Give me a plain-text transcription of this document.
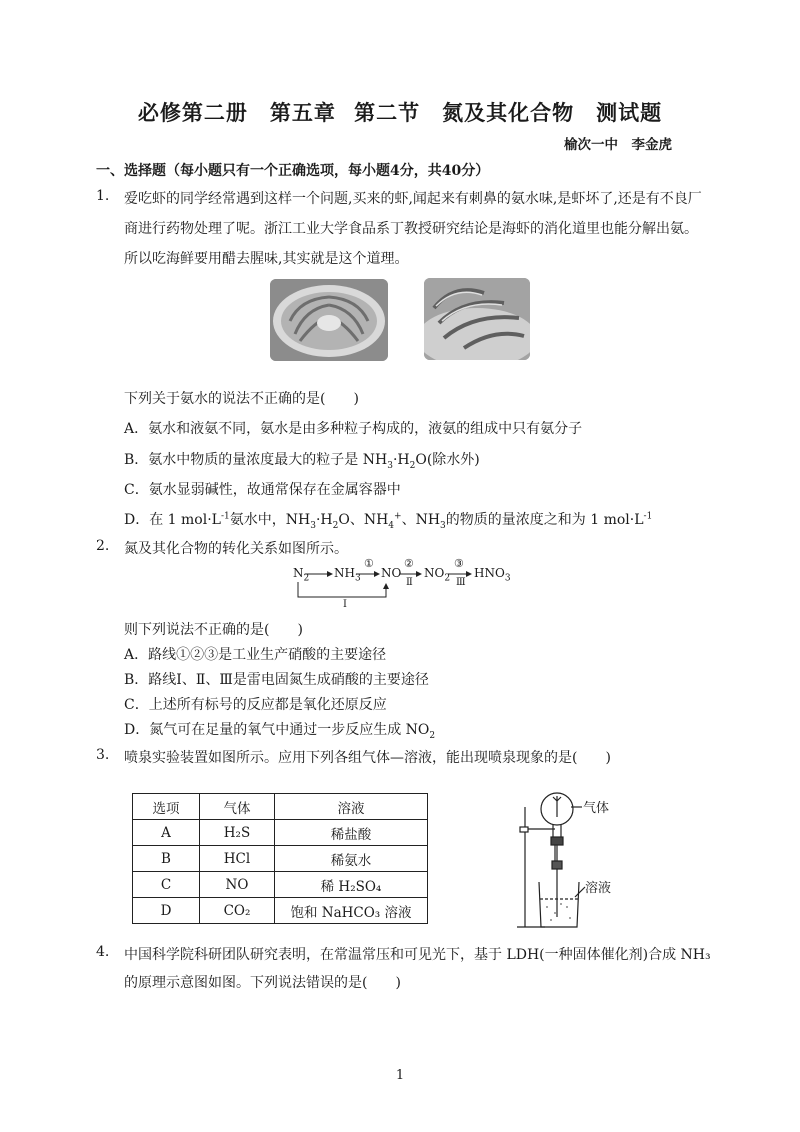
必修第二册　第五章 第二节　氮及其化合物　测试题
榆次一中　李金虎
一、选择题（每小题只有一个正确选项，每小题4分，共40分）
1. 爱吃虾的同学经常遇到这样一个问题,买来的虾,闻起来有刺鼻的氨水味,是虾坏了,还是有不良厂
商进行药物处理了呢。浙江工业大学食品系丁教授研究结论是海虾的消化道里也能分解出氨。
所以吃海鲜要用醋去腥味,其实就是这个道理。
下列关于氨水的说法不正确的是(　　)
A．氨水和液氨不同，氨水是由多种粒子构成的，液氨的组成中只有氨分子
B．氨水中物质的量浓度最大的粒子是 $NH_3\cdot H_2O$(除水外)
C．氨水显弱碱性，故通常保存在金属容器中
D．在 1 $mol\cdot L^{-1}$氨水中，$NH_3\cdot H_2O$、$NH_4^+$、$NH_3$的物质的量浓度之和为 1 $mol\cdot L^{-1}$
2. 氮及其化合物的转化关系如图所示。
$N_2$ $NH_3$ NO $NO_2$ $HNO_3$
①	②	③
Ⅱ	Ⅲ
Ⅰ
则下列说法不正确的是(　　)
A．路线①②③是工业生产硝酸的主要途径
B．路线Ⅰ、Ⅱ、Ⅲ是雷电固氮生成硝酸的主要途径
C．上述所有标号的反应都是氧化还原反应
D．氮气可在足量的氧气中通过一步反应生成 $NO_2$
3. 喷泉实验装置如图所示。应用下列各组气体—溶液，能出现喷泉现象的是(　　)
选项	气体	溶液
A	H₂S	稀盐酸
B	HCl	稀氨水
C	NO	稀 H₂SO₄
D	CO₂	饱和 NaHCO₃ 溶液
气体
溶液
4. 中国科学院科研团队研究表明，在常温常压和可见光下，基于 LDH(一种固体催化剂)合成 NH₃
的原理示意图如图。下列说法错误的是(　　)
1
